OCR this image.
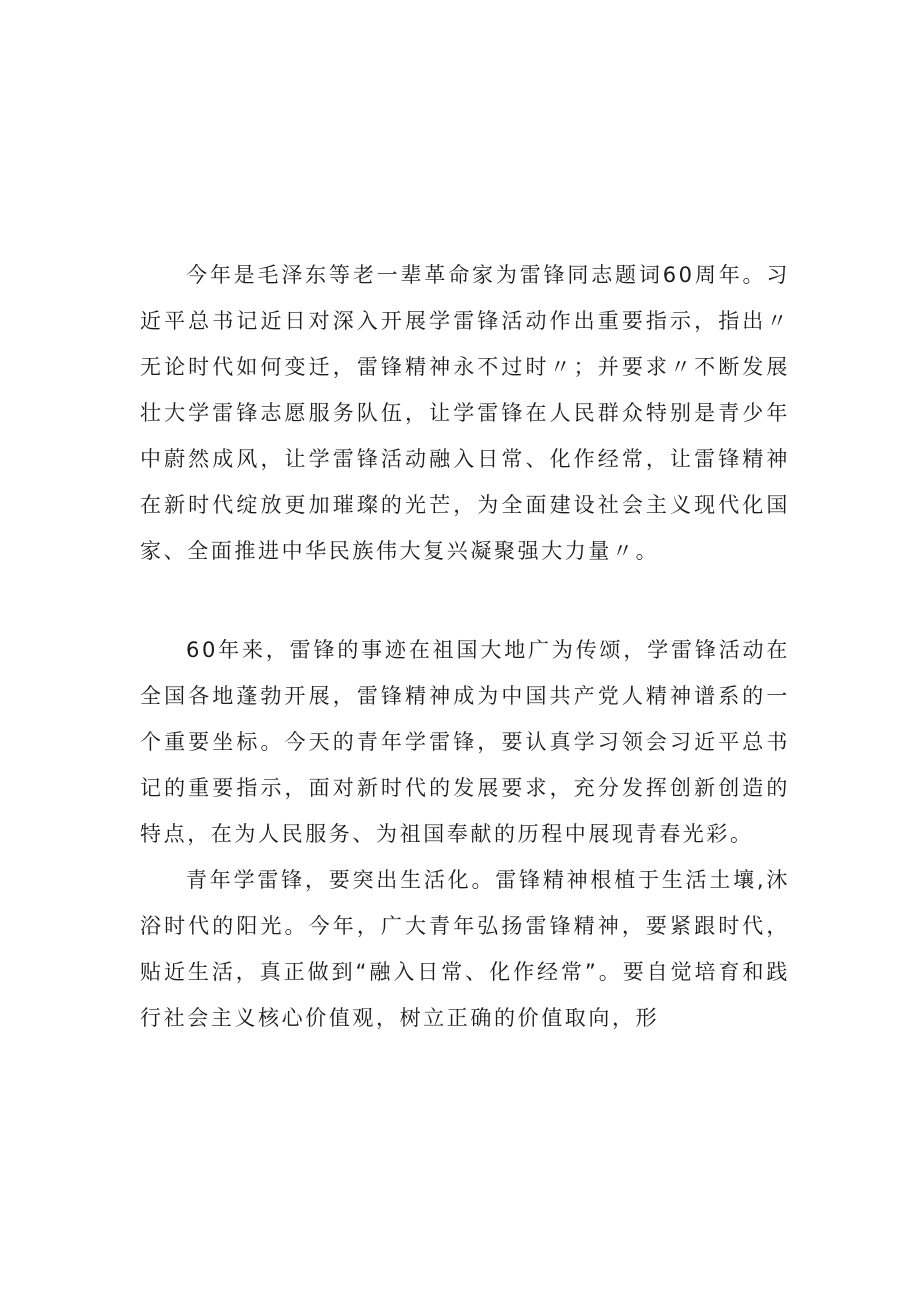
今年是毛泽东等老一辈革命家为雷锋同志题词60周年。习近平总书记近日对深入开展学雷锋活动作出重要指示，指出〃无论时代如何变迁，雷锋精神永不过时〃；并要求〃不断发展壮大学雷锋志愿服务队伍，让学雷锋在人民群众特别是青少年中蔚然成风，让学雷锋活动融入日常、化作经常，让雷锋精神在新时代绽放更加璀璨的光芒，为全面建设社会主义现代化国家、全面推进中华民族伟大复兴凝聚强大力量〃。

60年来，雷锋的事迹在祖国大地广为传颂，学雷锋活动在全国各地蓬勃开展，雷锋精神成为中国共产党人精神谱系的一个重要坐标。今天的青年学雷锋，要认真学习领会习近平总书记的重要指示，面对新时代的发展要求，充分发挥创新创造的特点，在为人民服务、为祖国奉献的历程中展现青春光彩。

青年学雷锋，要突出生活化。雷锋精神根植于生活土壤,沐浴时代的阳光。今年，广大青年弘扬雷锋精神，要紧跟时代，贴近生活，真正做到“融入日常、化作经常”。要自觉培育和践行社会主义核心价值观，树立正确的价值取向，形
